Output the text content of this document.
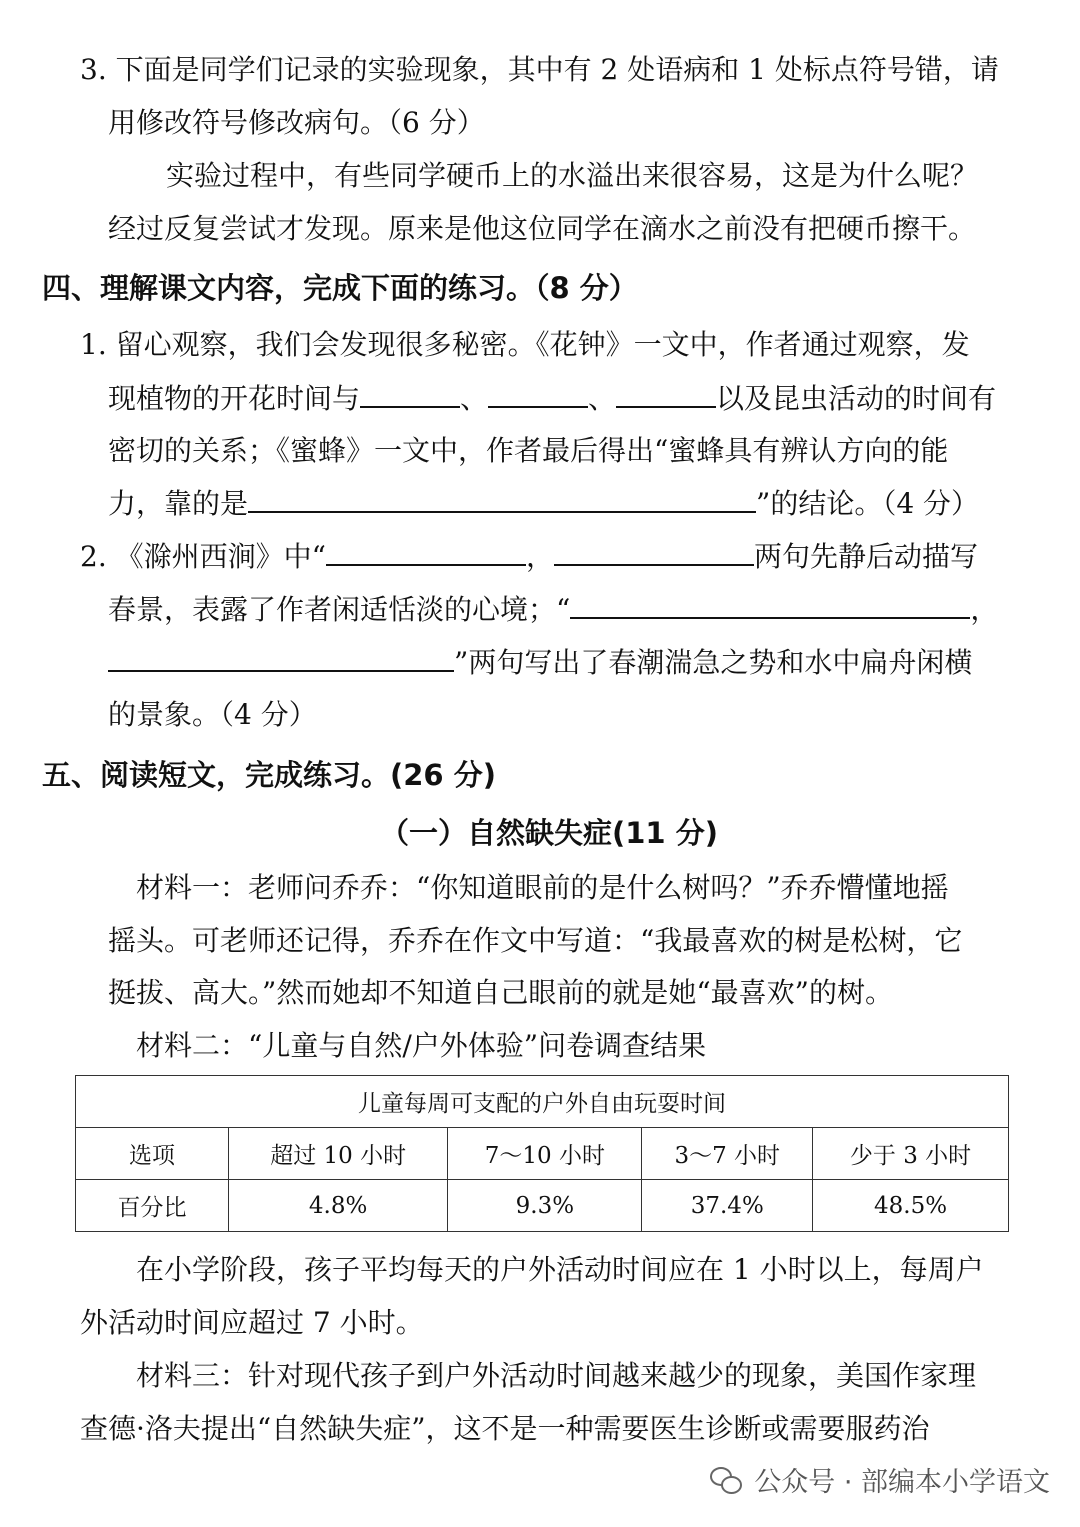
3. 下面是同学们记录的实验现象，其中有 2 处语病和 1 处标点符号错，请
用修改符号修改病句。（6 分）
实验过程中，有些同学硬币上的水溢出来很容易，这是为什么呢？
经过反复尝试才发现。原来是他这位同学在滴水之前没有把硬币擦干。
四、理解课文内容，完成下面的练习。（8 分）
1. 留心观察，我们会发现很多秘密。《花钟》一文中，作者通过观察，发
现植物的开花时间与	、	、	以及昆虫活动的时间有
密切的关系；《蜜蜂》一文中，作者最后得出“蜜蜂具有辨认方向的能
力，靠的是	”的结论。（4 分）
2. 《滁州西涧》中“	，	两句先静后动描写
春景，表露了作者闲适恬淡的心境；“	，
”两句写出了春潮湍急之势和水中扁舟闲横
的景象。（4 分）
五、阅读短文，完成练习。(26 分)
（一）自然缺失症(11 分)
材料一：老师问乔乔：“你知道眼前的是什么树吗？”乔乔懵懂地摇
摇头。可老师还记得，乔乔在作文中写道：“我最喜欢的树是松树，它
挺拔、高大。”然而她却不知道自己眼前的就是她“最喜欢”的树。
材料二：“儿童与自然/户外体验”问卷调查结果
儿童每周可支配的户外自由玩耍时间				
选项	超过 10 小时	7～10 小时	3～7 小时	少于 3 小时
百分比	4.8%	9.3%	37.4%	48.5%
在小学阶段，孩子平均每天的户外活动时间应在 1 小时以上，每周户
外活动时间应超过 7 小时。
材料三：针对现代孩子到户外活动时间越来越少的现象，美国作家理
查德·洛夫提出“自然缺失症”，这不是一种需要医生诊断或需要服药治
公众号 · 部编本小学语文
